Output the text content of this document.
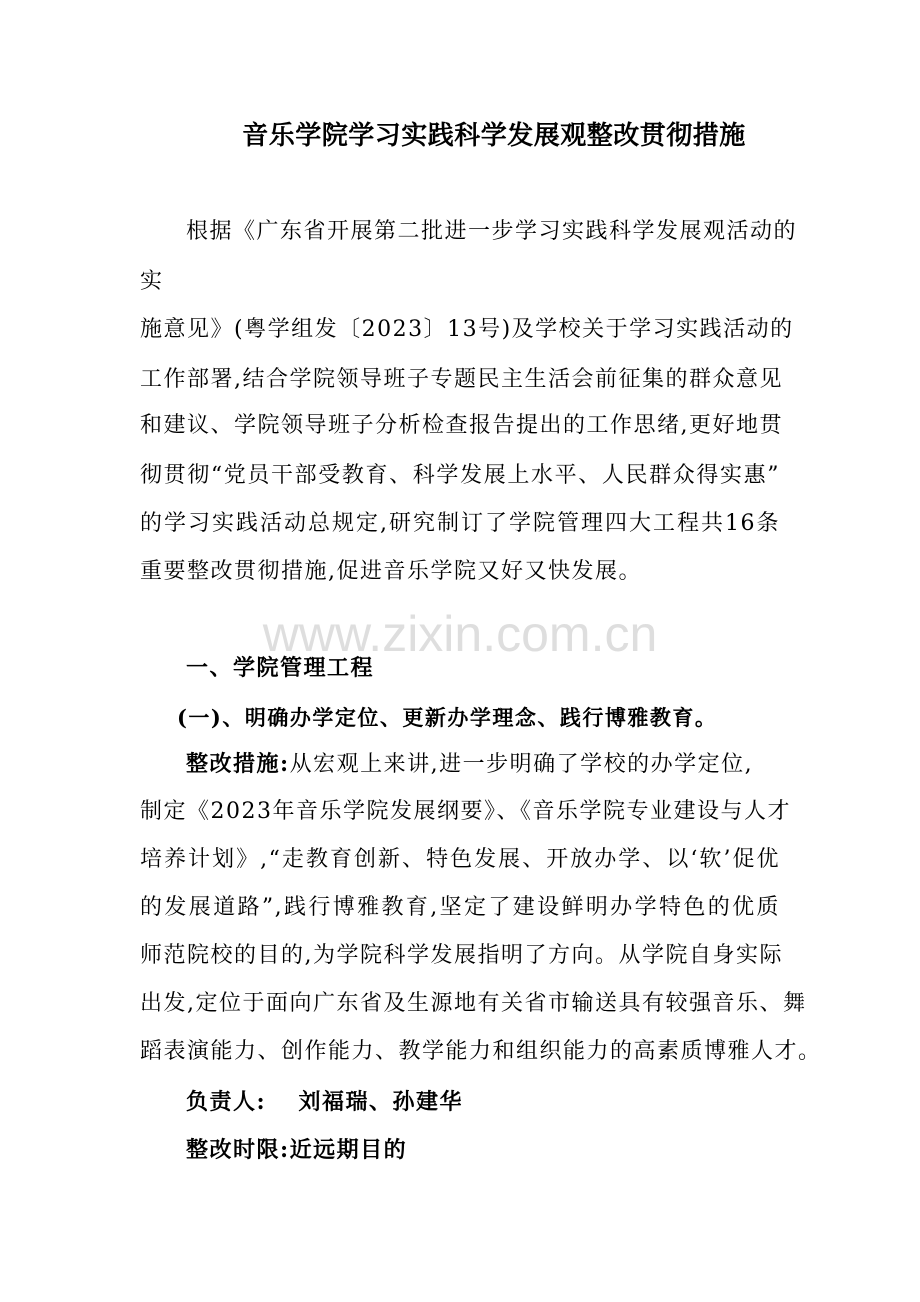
音乐学院学习实践科学发展观整改贯彻措施
根据《广东省开展第二批进一步学习实践科学发展观活动的
实
施意见》(粤学组发〔2023〕13号)及学校关于学习实践活动的
工作部署,结合学院领导班子专题民主生活会前征集的群众意见
和建议、学院领导班子分析检查报告提出的工作思绪,更好地贯
彻贯彻“党员干部受教育、科学发展上水平、人民群众得实惠”
的学习实践活动总规定,研究制订了学院管理四大工程共16条
重要整改贯彻措施,促进音乐学院又好又快发展。
www.zixin.com.cn
一、学院管理工程
(一)、明确办学定位、更新办学理念、践行博雅教育。
整改措施:从宏观上来讲,进一步明确了学校的办学定位,
制定《2023年音乐学院发展纲要》、《音乐学院专业建设与人才
培养计划》,“走教育创新、特色发展、开放办学、以‘软’促优
的发展道路”,践行博雅教育,坚定了建设鲜明办学特色的优质
师范院校的目的,为学院科学发展指明了方向。从学院自身实际
出发,定位于面向广东省及生源地有关省市输送具有较强音乐、舞
蹈表演能力、创作能力、教学能力和组织能力的高素质博雅人才。
负责人: 刘福瑞、孙建华
整改时限:近远期目的
